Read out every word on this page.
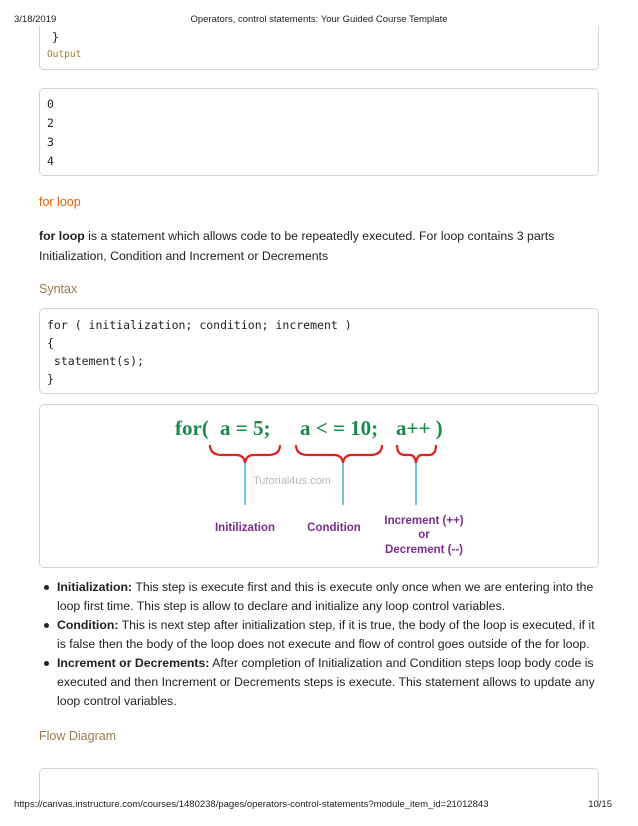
3/18/2019	Operators, control statements: Your Guided Course Template
}
Output
0
2
3
4
for loop
for loop is a statement which allows code to be repeatedly executed. For loop contains 3 parts Initialization, Condition and Increment or Decrements
Syntax
for ( initialization; condition; increment )
{
statement(s);
}
for( a = 5; a < = 10; a++ )
Tutorial4us.com
Initilization	Condition
Increment (++)
or
Decrement (--)
Initialization: This step is execute first and this is execute only once when we are entering into the loop first time. This step is allow to declare and initialize any loop control variables.
Condition: This is next step after initialization step, if it is true, the body of the loop is executed, if it is false then the body of the loop does not execute and flow of control goes outside of the for loop.
Increment or Decrements: After completion of Initialization and Condition steps loop body code is executed and then Increment or Decrements steps is execute. This statement allows to update any loop control variables.
Flow Diagram
https://canvas.instructure.com/courses/1480238/pages/operators-control-statements?module_item_id=21012843	10/15
